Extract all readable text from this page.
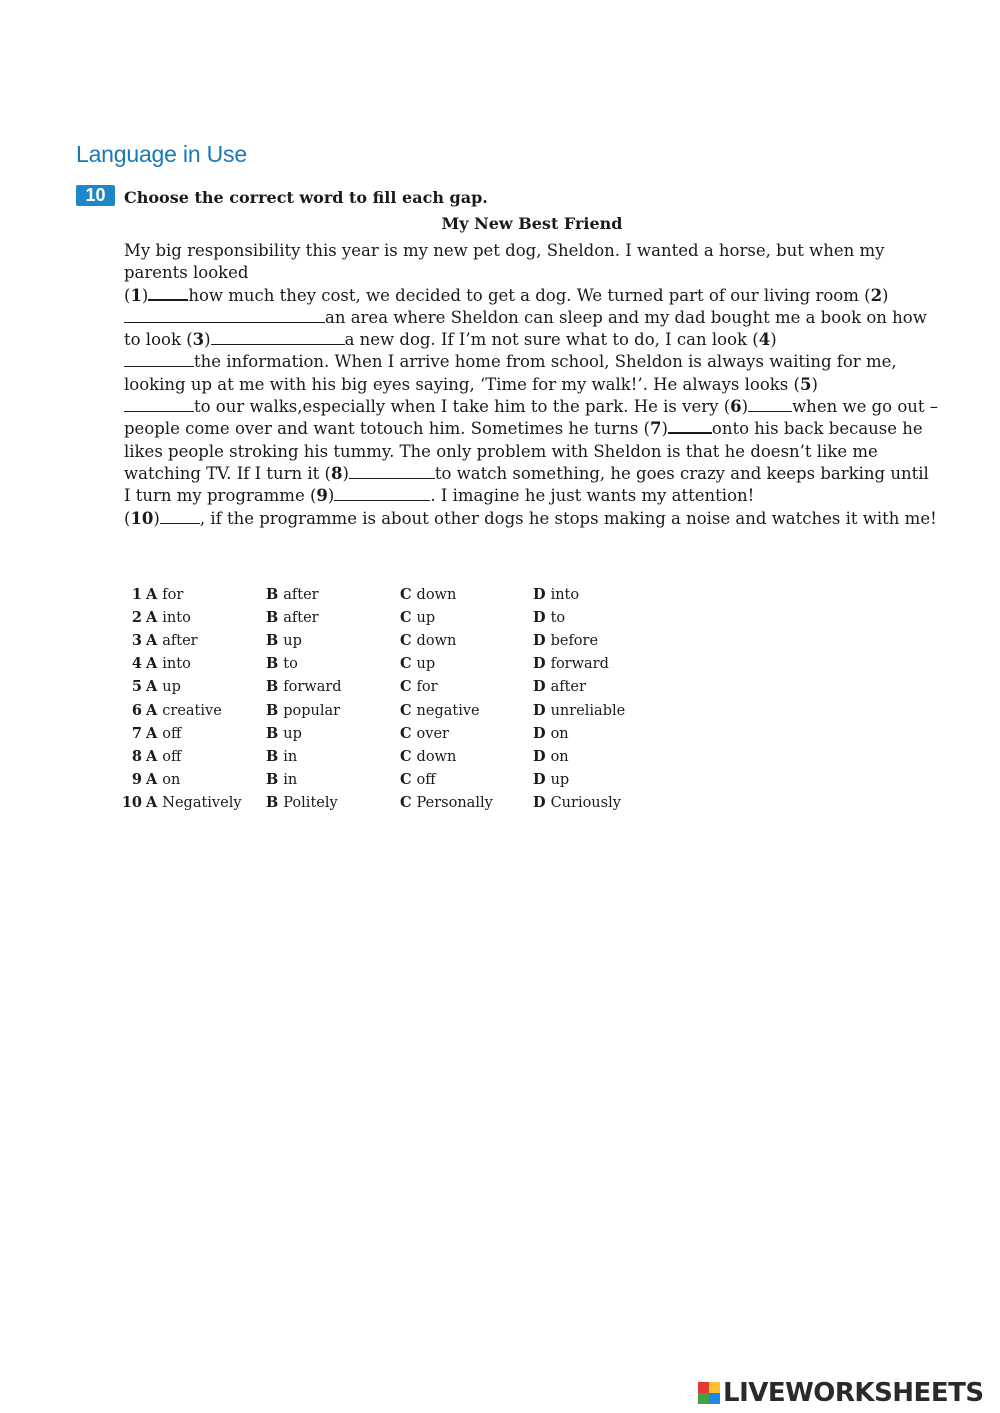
Language in Use
10	Choose the correct word to fill each gap.
My New Best Friend
My big responsibility this year is my new pet dog, Sheldon. I wanted a horse, but when my parents looked
(1) how much they cost, we decided to get a dog. We turned part of our living room (2)an area where Sheldon can sleep and my dad bought me a book on how to look (3)	a new dog. If I’m not sure what to do, I can look (4)
the information. When I arrive home from school, Sheldon is always waiting for me, looking up at me with his big eyes saying, ‘Time for my walk!’. He always looks (5)
to our walks,especially when I take him to the park. He is very (6)	when we go out – people come over and want totouch him. Sometimes he turns (7)	onto his back because he likes people stroking his tummy. The only problem with Sheldon is that he doesn’t like me watching TV. If I turn it (8)	to watch something, he goes crazy and keeps barking until I turn my programme (9)	. I imagine he just wants my attention!
(10) , if the programme is about other dogs he stops making a noise and watches it with me!
1	A for	B after	C down	D into
2	A into	B after	C up	D to
3	A after	B up	C down	D before
4	A into	B to	C up	D forward
5	A up	B forward	C for	D after
6	A creative	B popular	C negative	D unreliable
7	A off	B up	C over	D on
8	A off	B in	C down	D on
9	A on	B in	C off	D up
10	A Negatively	B Politely	C Personally	D Curiously
LIVEWORKSHEETS
